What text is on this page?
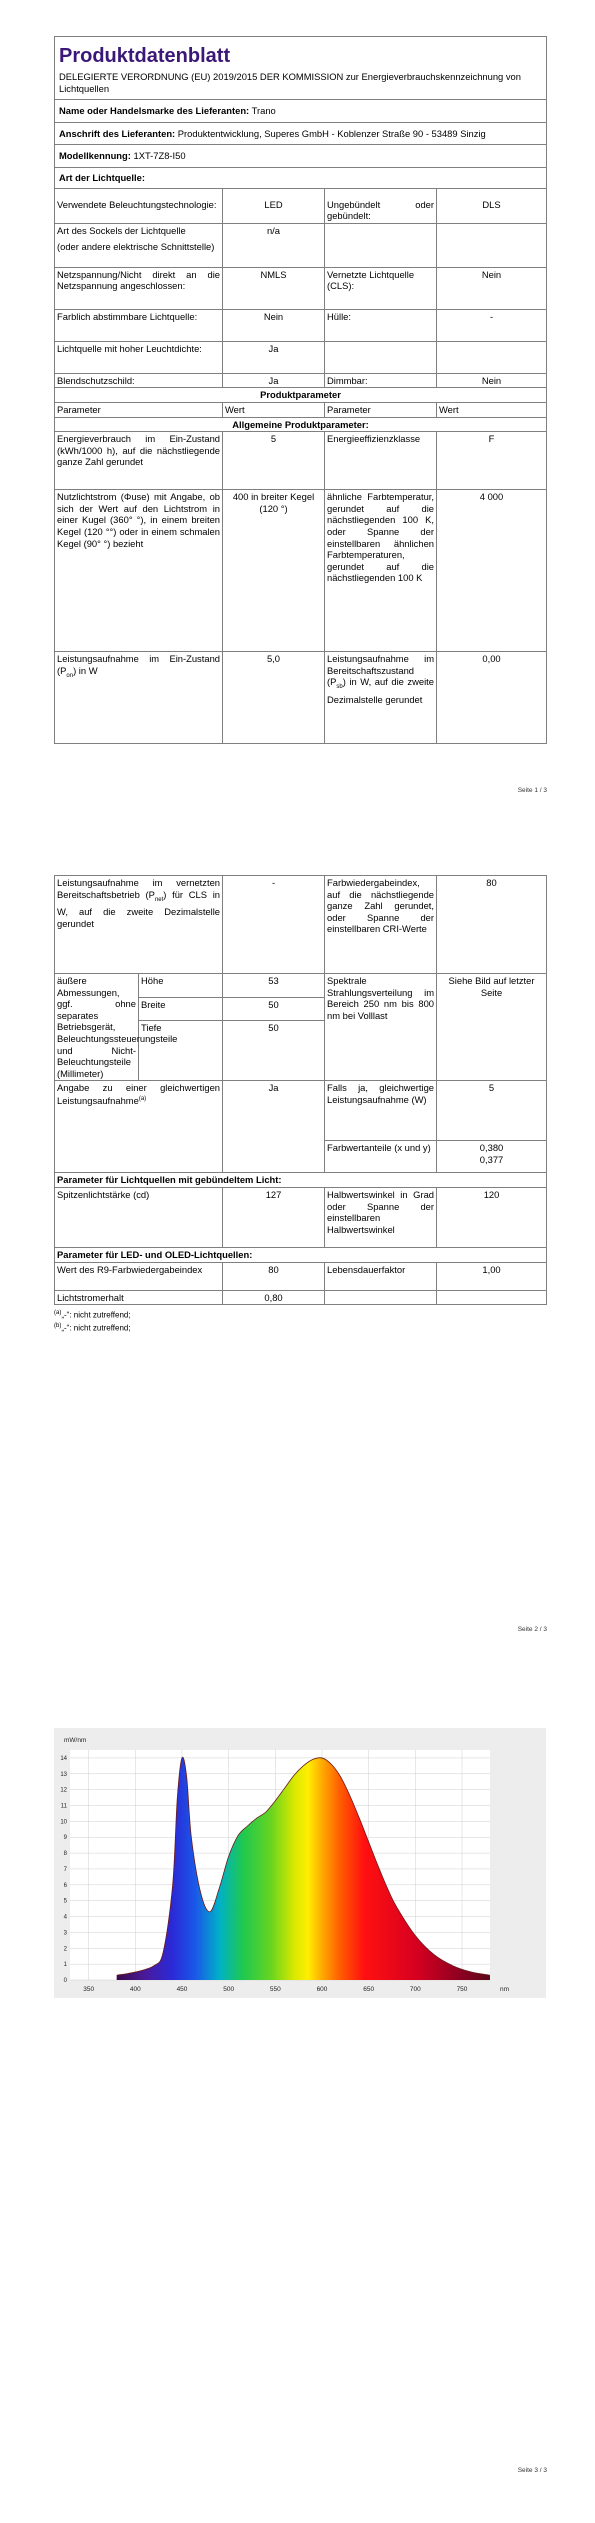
Produktdatenblatt
DELEGIERTE VERORDNUNG (EU) 2019/2015 DER KOMMISSION zur Energieverbrauchskennzeichnung von Lichtquellen			

Name oder Handelsmarke des Lieferanten: Trano			
Anschrift des Lieferanten: Produktentwicklung, Superes GmbH - Koblenzer Straße 90 - 53489 Sinzig			
Modellkennung: 1XT-7Z8-I50			
Art der Lichtquelle:			
Verwendete Beleuchtungstechnologie:	LED	Ungebündelt oder gebündelt:	DLS

Art des Sockels der Lichtquelle
(oder andere elektrische Schnittstelle)	n/a		
Netzspannung/Nicht direkt an die Netzspannung angeschlossen:	NMLS	Vernetzte Lichtquelle (CLS):	Nein
Farblich abstimmbare Lichtquelle:	Nein	Hülle:	-
Lichtquelle mit hoher Leuchtdichte:	Ja		
Blendschutzschild:	Ja	Dimmbar:	Nein
Produktparameter			
Parameter	Wert	Parameter	Wert
Allgemeine Produktparameter:			
Energieverbrauch im Ein-Zustand (kWh/1000 h), auf die nächstliegende ganze Zahl gerundet	5	Energieeffizienzklasse	F
Nutzlichtstrom (Φuse) mit Angabe, ob sich der Wert auf den Lichtstrom in einer Kugel (360° °), in einem breiten Kegel (120 °°) oder in einem schmalen Kegel (90° °) bezieht	400 in breiter Kegel (120 °)	ähnliche Farbtemperatur, gerundet auf die nächstliegenden 100 K, oder Spanne der einstellbaren ähnlichen Farbtemperaturen, gerundet auf die nächstliegenden 100 K	4 000
Leistungsaufnahme im Ein-Zustand $(P_{on})$ in W	5,0	Leistungsaufnahme im Bereitschaftszustand $(P_{sb})$ in W, auf die zweite Dezimalstelle gerundet	0,00
Seite 1 / 3
Leistungsaufnahme im vernetzten Bereitschaftsbetrieb $(P_{net})$ für CLS in W, auf die zweite Dezimalstelle gerundet		-	Farbwiedergabeindex, auf die nächstliegende ganze Zahl gerundet, oder Spanne der einstellbaren CRI-Werte	80
äußere Abmessungen, ggf. ohne separates Betriebsgerät, Beleuchtungssteuerungsteile und Nicht-Beleuchtungsteile (Millimeter)	Höhe	53	Spektrale Strahlungsverteilung im Bereich 250 nm bis 800 nm bei Volllast	Siehe Bild auf letzter Seite
	Breite	50		
	Tiefe	50		
Angabe zu einer gleichwertigen Leistungsaufnahme$^{(a)}$		Ja	Falls ja, gleichwertige Leistungsaufnahme (W)	5
			Farbwertanteile (x und y)	0,380
0,377

Parameter für Lichtquellen mit gebündeltem Licht:				
Spitzenlichtstärke (cd)		127	Halbwertswinkel in Grad oder Spanne der einstellbaren Halbwertswinkel	120
Parameter für LED- und OLED-Lichtquellen:				
Wert des R9-Farbwiedergabeindex		80	Lebensdauerfaktor	1,00
Lichtstromerhalt		0,80		
$^{(a)}$„-“: nicht zutreffend;
$^{(b)}$„-“: nicht zutreffend;
Seite 2 / 3
0
1
2
3
4
5
6
7
8
9
10
11
12
13
14
350	400	450	500	550	600	650	700	750
mW/nm
nm
Seite 3 / 3
